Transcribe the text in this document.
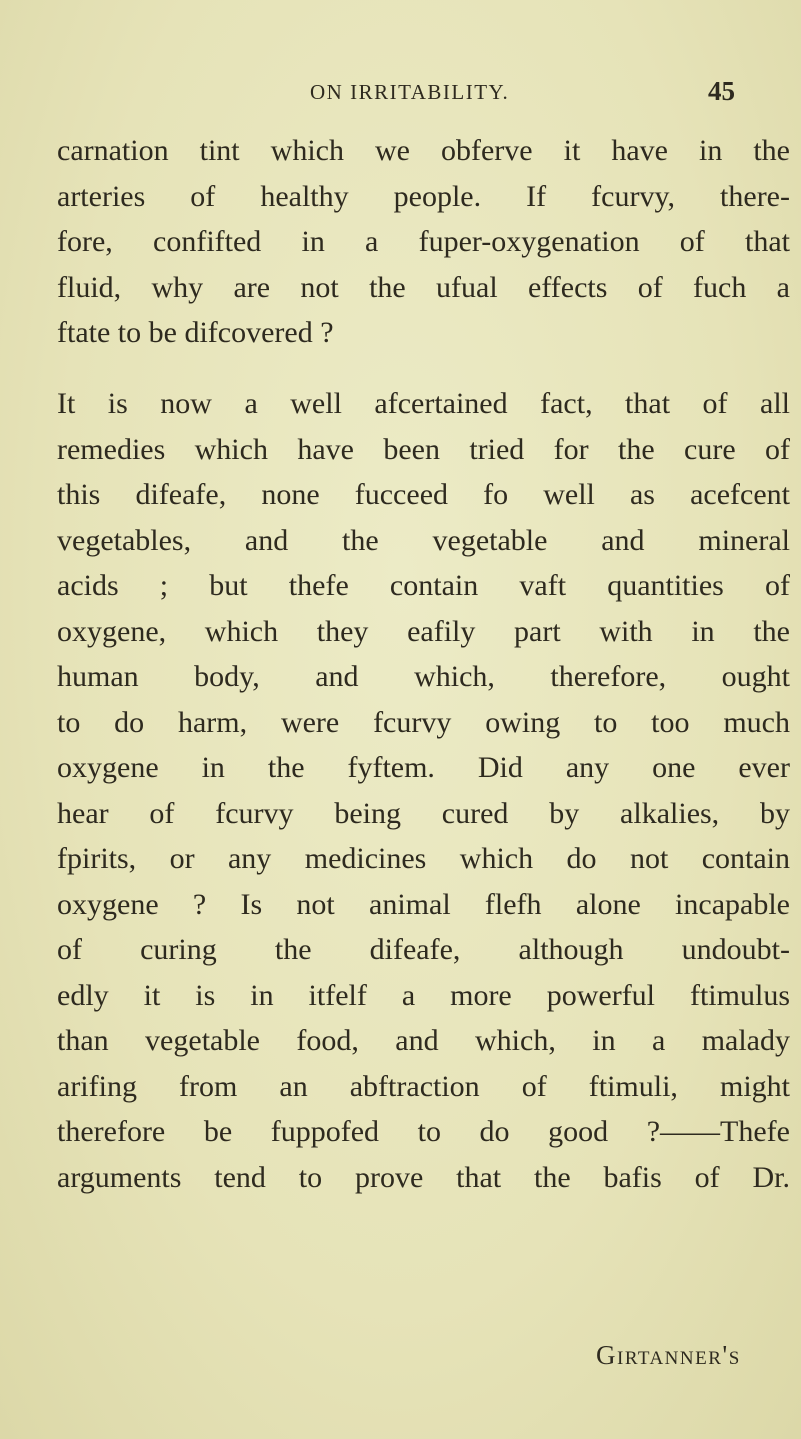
ON IRRITABILITY.	45
carnation tint which we obferve it have in the
arteries of healthy people. If fcurvy, there-
fore, confifted in a fuper-oxygenation of that
fluid, why are not the ufual effects of fuch a
ftate to be difcovered ?
It is now a well afcertained fact, that of all
remedies which have been tried for the cure of
this difeafe, none fucceed fo well as acefcent
vegetables, and the vegetable and mineral
acids ; but thefe contain vaft quantities of
oxygene, which they eafily part with in the
human body, and which, therefore, ought
to do harm, were fcurvy owing to too much
oxygene in the fyftem. Did any one ever
hear of fcurvy being cured by alkalies, by
fpirits, or any medicines which do not contain
oxygene ? Is not animal flefh alone incapable
of curing the difeafe, although undoubt-
edly it is in itfelf a more powerful ftimulus
than vegetable food, and which, in a malady
arifing from an abftraction of ftimuli, might
therefore be fuppofed to do good ?——Thefe
arguments tend to prove that the bafis of Dr.
Girtanner's
